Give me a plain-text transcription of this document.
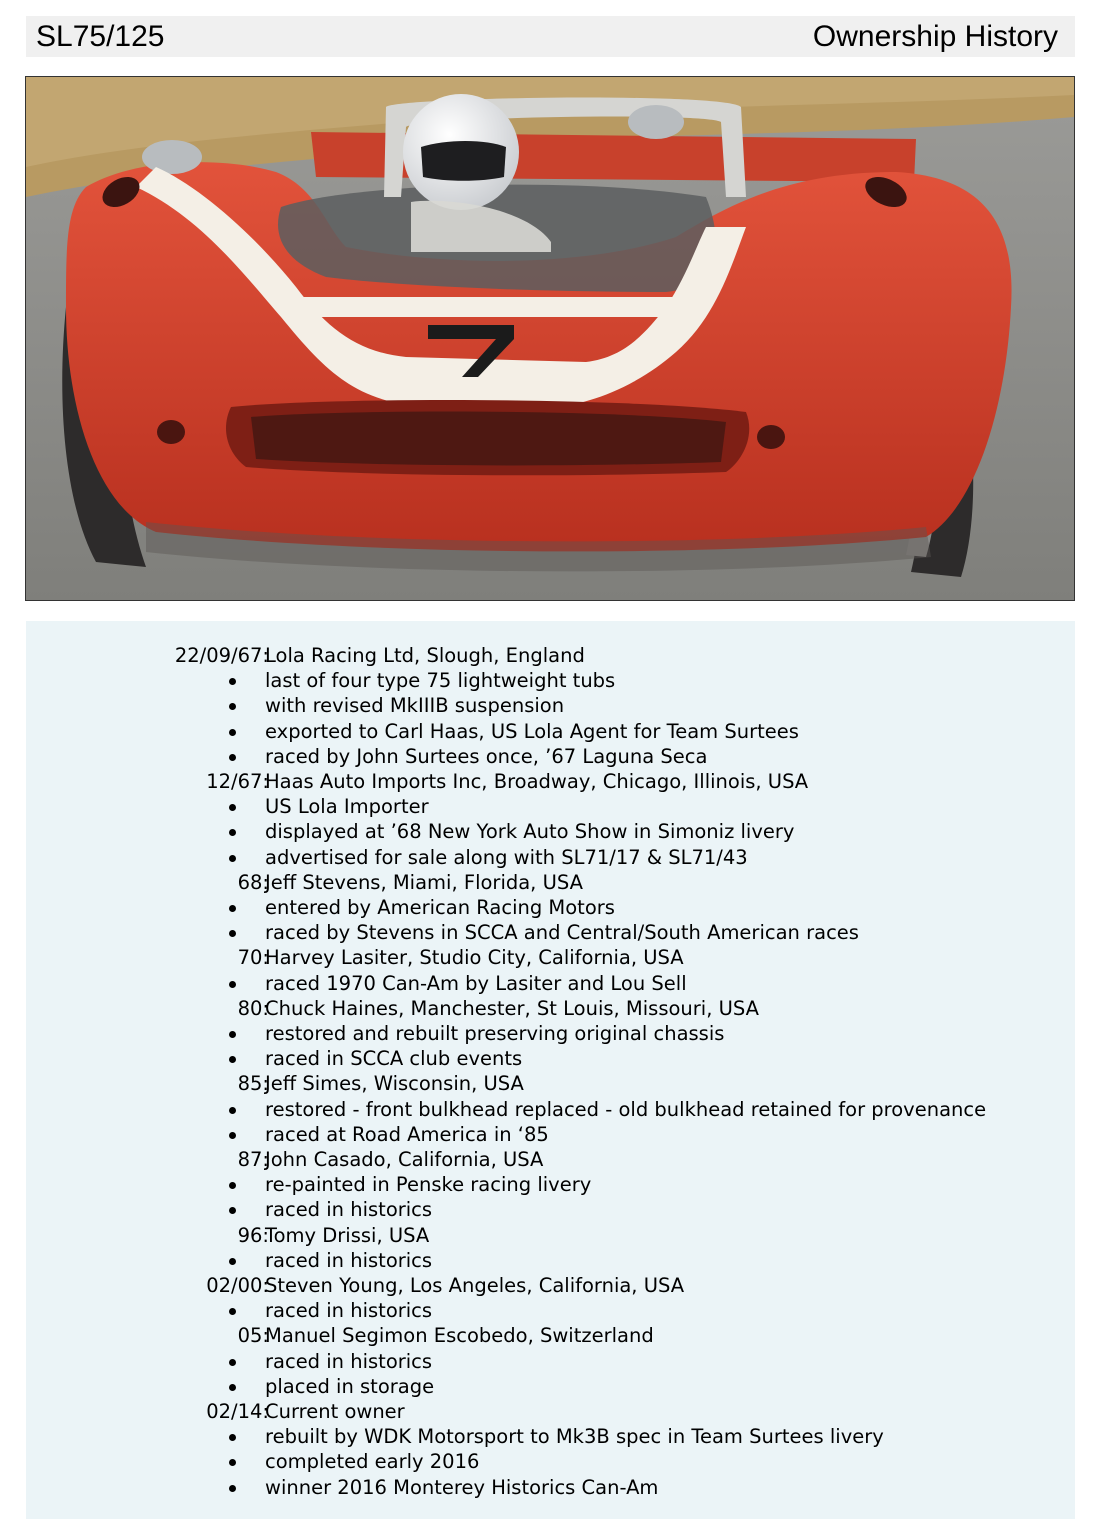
SL75/125	Ownership History
22/09/67:
Lola Racing Ltd, Slough, England
last of four type 75 lightweight tubs
with revised MkIIIB suspension
exported to Carl Haas, US Lola Agent for Team Surtees
raced by John Surtees once, ’67 Laguna Seca
12/67:
Haas Auto Imports Inc, Broadway, Chicago, Illinois, USA
US Lola Importer
displayed at ’68 New York Auto Show in Simoniz livery
advertised for sale along with SL71/17 & SL71/43
68:
Jeff Stevens, Miami, Florida, USA
entered by American Racing Motors
raced by Stevens in SCCA and Central/South American races
70:
Harvey Lasiter, Studio City, California, USA
raced 1970 Can-Am by Lasiter and Lou Sell
80:
Chuck Haines, Manchester, St Louis, Missouri, USA
restored and rebuilt preserving original chassis
raced in SCCA club events
85:
Jeff Simes, Wisconsin, USA
restored - front bulkhead replaced - old bulkhead retained for provenance
raced at Road America in ‘85
87:
John Casado, California, USA
re-painted in Penske racing livery
raced in historics
96:
Tomy Drissi, USA
raced in historics
02/00:
Steven Young, Los Angeles, California, USA
raced in historics
05:
Manuel Segimon Escobedo, Switzerland
raced in historics
placed in storage
02/14:
Current owner
rebuilt by WDK Motorsport to Mk3B spec in Team Surtees livery
completed early 2016
winner 2016 Monterey Historics Can-Am
